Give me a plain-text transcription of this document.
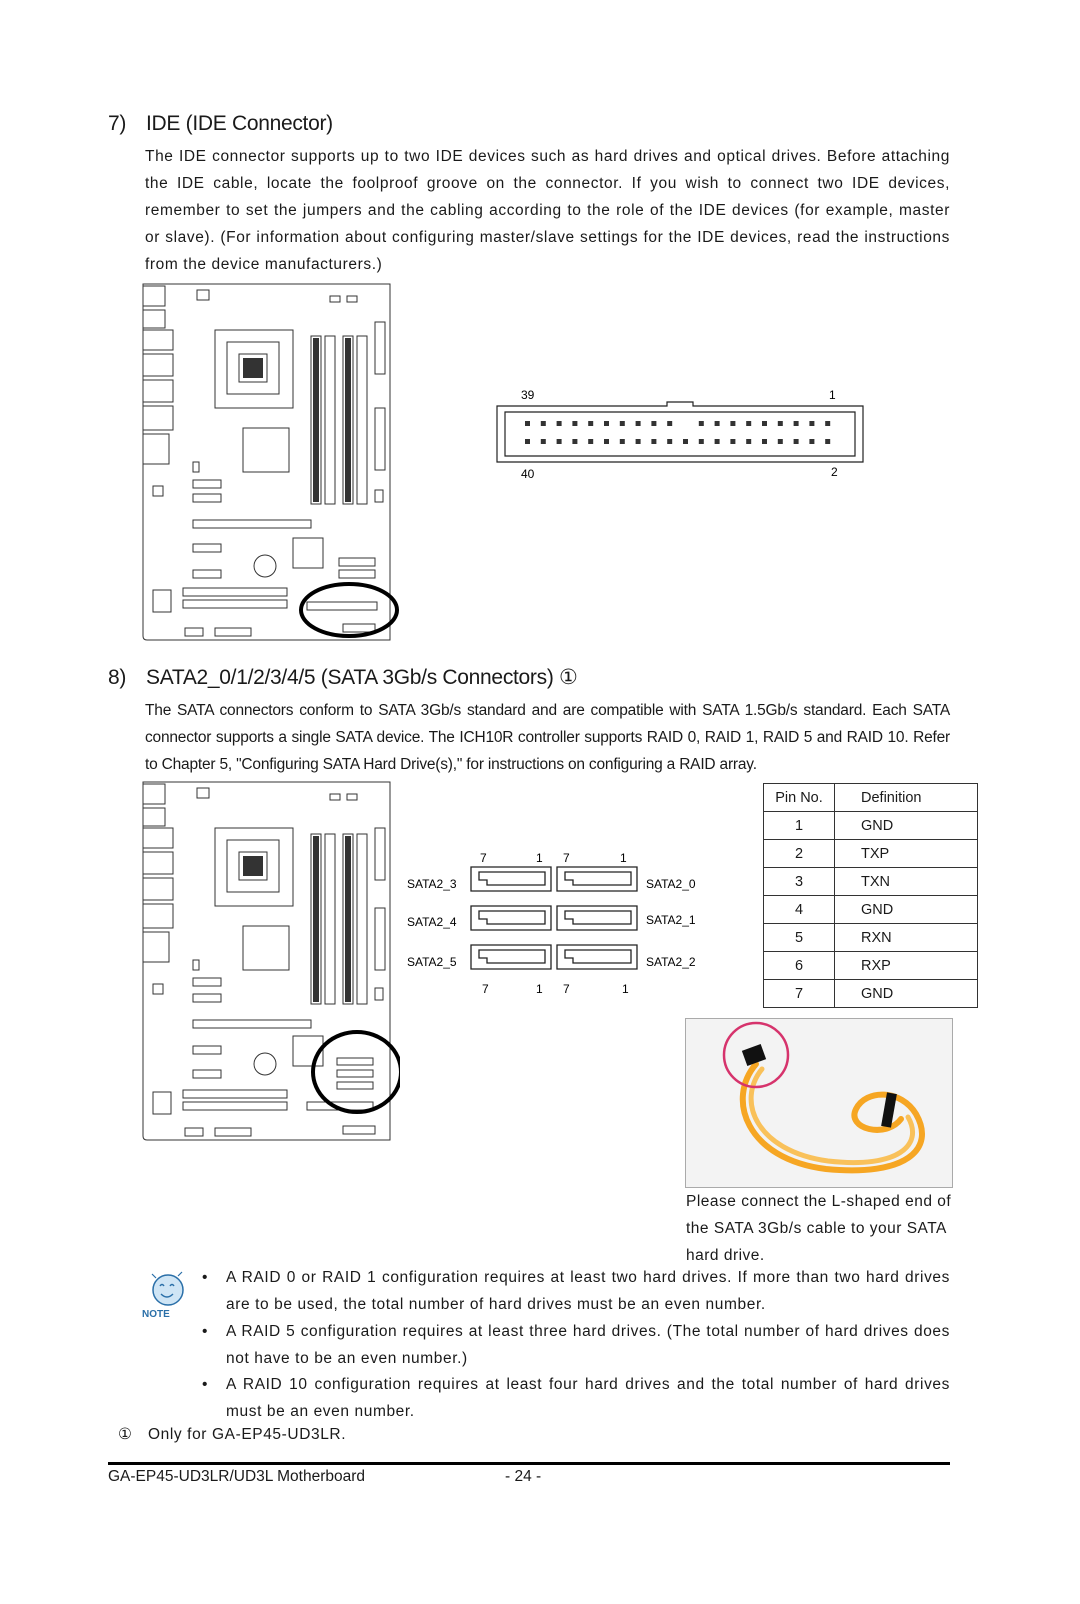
7) IDE (IDE Connector)
The IDE connector supports up to two IDE devices such as hard drives and optical drives. Before attaching the IDE cable, locate the foolproof groove on the connector. If you wish to connect two IDE devices, remember to set the jumpers and the cabling according to the role of the IDE devices (for example, master or slave). (For information about configuring master/slave settings for the IDE devices, read the instructions from the device manufacturers.)
39	1
40	2
8) SATA2_0/1/2/3/4/5 (SATA 3Gb/s Connectors) ①
The SATA connectors conform to SATA 3Gb/s standard and are compatible with SATA 1.5Gb/s standard. Each SATA connector supports a single SATA device. The ICH10R controller supports RAID 0, RAID 1, RAID 5 and RAID 10. Refer to Chapter 5, "Configuring SATA Hard Drive(s)," for instructions on configuring a RAID array.
7	1 7	1
SATA2_3
SATA2_4
SATA2_5
SATA2_0
SATA2_1
SATA2_2
7	1 7	1
Pin No.	Definition
1	GND
2	TXP
3	TXN
4	GND
5	RXN
6	RXP
7	GND
Please connect the L-shaped end of the SATA 3Gb/s cable to your SATA hard drive.
NOTE
• A RAID 0 or RAID 1 configuration requires at least two hard drives. If more than two hard drives are to be used, the total number of hard drives must be an even number.
• A RAID 5 configuration requires at least three hard drives. (The total number of hard drives does not have to be an even number.)
• A RAID 10 configuration requires at least four hard drives and the total number of hard drives must be an even number.
① Only for GA-EP45-UD3LR.
GA-EP45-UD3LR/UD3L Motherboard	- 24 -
